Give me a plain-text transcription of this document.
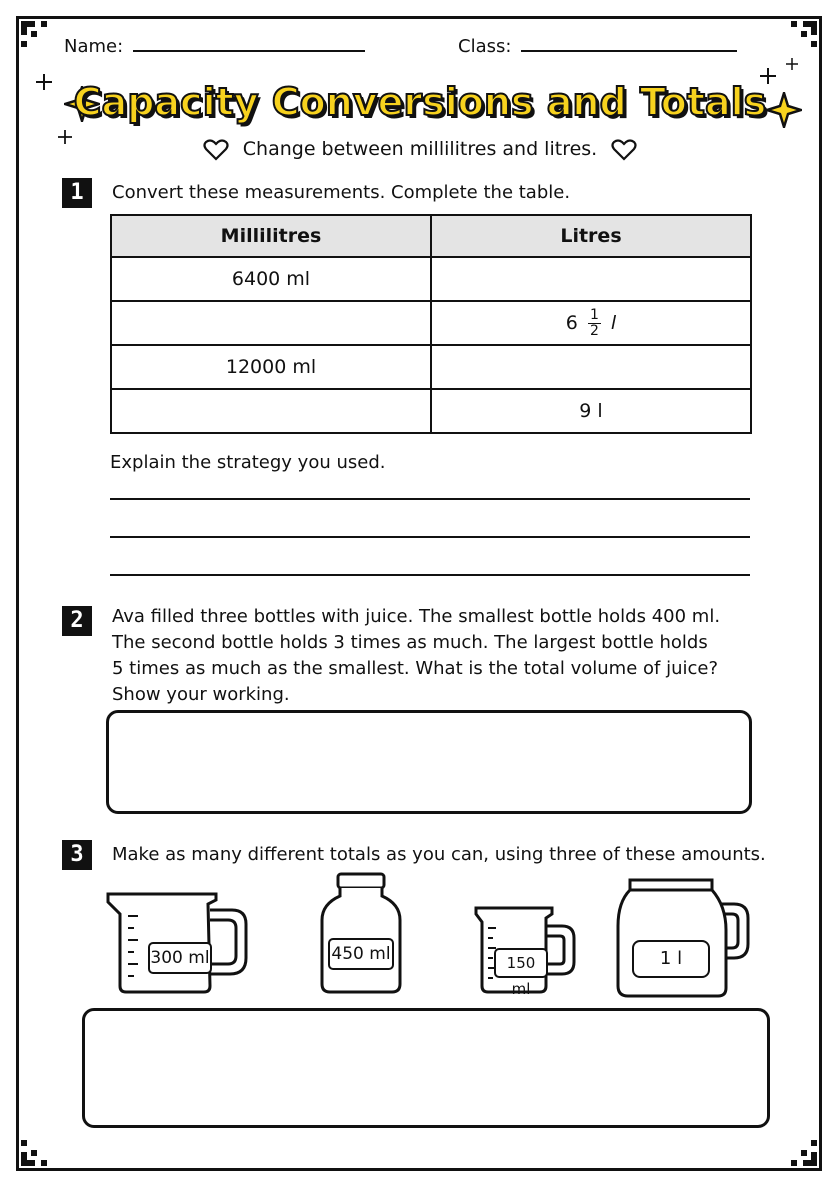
Name:	Class:
Capacity Conversions and Totals
Change between millilitres and litres.
1	Convert these measurements. Complete the table.
Millilitres	Litres
6400 ml	
	$6 \frac{1}{2}$ l
12000 ml	
	9 l
Explain the strategy you used.
2	Ava filled three bottles with juice. The smallest bottle holds 400 ml.
The second bottle holds 3 times as much. The largest bottle holds
5 times as much as the smallest. What is the total volume of juice?
Show your working.
3	Make as many different totals as you can, using three of these amounts.
300 ml	450 ml	150 ml
1 l
